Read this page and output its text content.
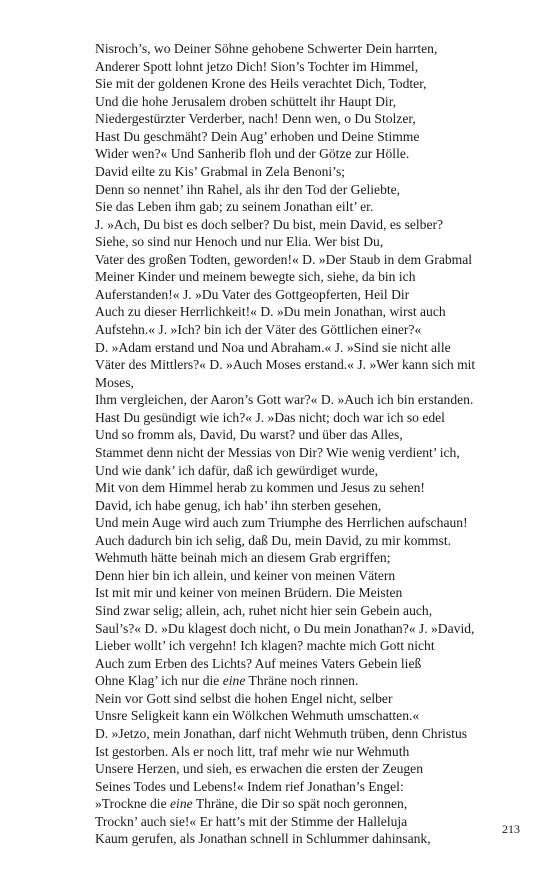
Nisroch’s, wo Deiner Söhne gehobene Schwerter Dein harrten,
Anderer Spott lohnt jetzo Dich! Sion’s Tochter im Himmel,
Sie mit der goldenen Krone des Heils verachtet Dich, Todter,
Und die hohe Jerusalem droben schüttelt ihr Haupt Dir,
Niedergestürzter Verderber, nach! Denn wen, o Du Stolzer,
Hast Du geschmäht? Dein Aug’ erhoben und Deine Stimme
Wider wen?« Und Sanherib floh und der Götze zur Hölle.
David eilte zu Kis’ Grabmal in Zela Benoni’s;
Denn so nennet’ ihn Rahel, als ihr den Tod der Geliebte,
Sie das Leben ihm gab; zu seinem Jonathan eilt’ er.
J. »Ach, Du bist es doch selber? Du bist, mein David, es selber?
Siehe, so sind nur Henoch und nur Elia. Wer bist Du,
Vater des großen Todten, geworden!« D. »Der Staub in dem Grabmal
Meiner Kinder und meinem bewegte sich, siehe, da bin ich
Auferstanden!« J. »Du Vater des Gottgeopferten, Heil Dir
Auch zu dieser Herrlichkeit!« D. »Du mein Jonathan, wirst auch
Aufstehn.« J. »Ich? bin ich der Väter des Göttlichen einer?«
D. »Adam erstand und Noa und Abraham.« J. »Sind sie nicht alle
Väter des Mittlers?« D. »Auch Moses erstand.« J. »Wer kann sich mit
Moses,
Ihm vergleichen, der Aaron’s Gott war?« D. »Auch ich bin erstanden.
Hast Du gesündigt wie ich?« J. »Das nicht; doch war ich so edel
Und so fromm als, David, Du warst? und über das Alles,
Stammet denn nicht der Messias von Dir? Wie wenig verdient’ ich,
Und wie dank’ ich dafür, daß ich gewürdiget wurde,
Mit von dem Himmel herab zu kommen und Jesus zu sehen!
David, ich habe genug, ich hab’ ihn sterben gesehen,
Und mein Auge wird auch zum Triumphe des Herrlichen aufschaun!
Auch dadurch bin ich selig, daß Du, mein David, zu mir kommst.
Wehmuth hätte beinah mich an diesem Grab ergriffen;
Denn hier bin ich allein, und keiner von meinen Vätern
Ist mit mir und keiner von meinen Brüdern. Die Meisten
Sind zwar selig; allein, ach, ruhet nicht hier sein Gebein auch,
Saul’s?« D. »Du klagest doch nicht, o Du mein Jonathan?« J. »David,
Lieber wollt’ ich vergehn! Ich klagen? machte mich Gott nicht
Auch zum Erben des Lichts? Auf meines Vaters Gebein ließ
Ohne Klag’ ich nur die eine Thräne noch rinnen.
Nein vor Gott sind selbst die hohen Engel nicht, selber
Unsre Seligkeit kann ein Wölkchen Wehmuth umschatten.«
D. »Jetzo, mein Jonathan, darf nicht Wehmuth trüben, denn Christus
Ist gestorben. Als er noch litt, traf mehr wie nur Wehmuth
Unsere Herzen, und sieh, es erwachen die ersten der Zeugen
Seines Todes und Lebens!« Indem rief Jonathan’s Engel:
»Trockne die eine Thräne, die Dir so spät noch geronnen,
Trockn’ auch sie!« Er hatt’s mit der Stimme der Halleluja
Kaum gerufen, als Jonathan schnell in Schlummer dahinsank,
213
